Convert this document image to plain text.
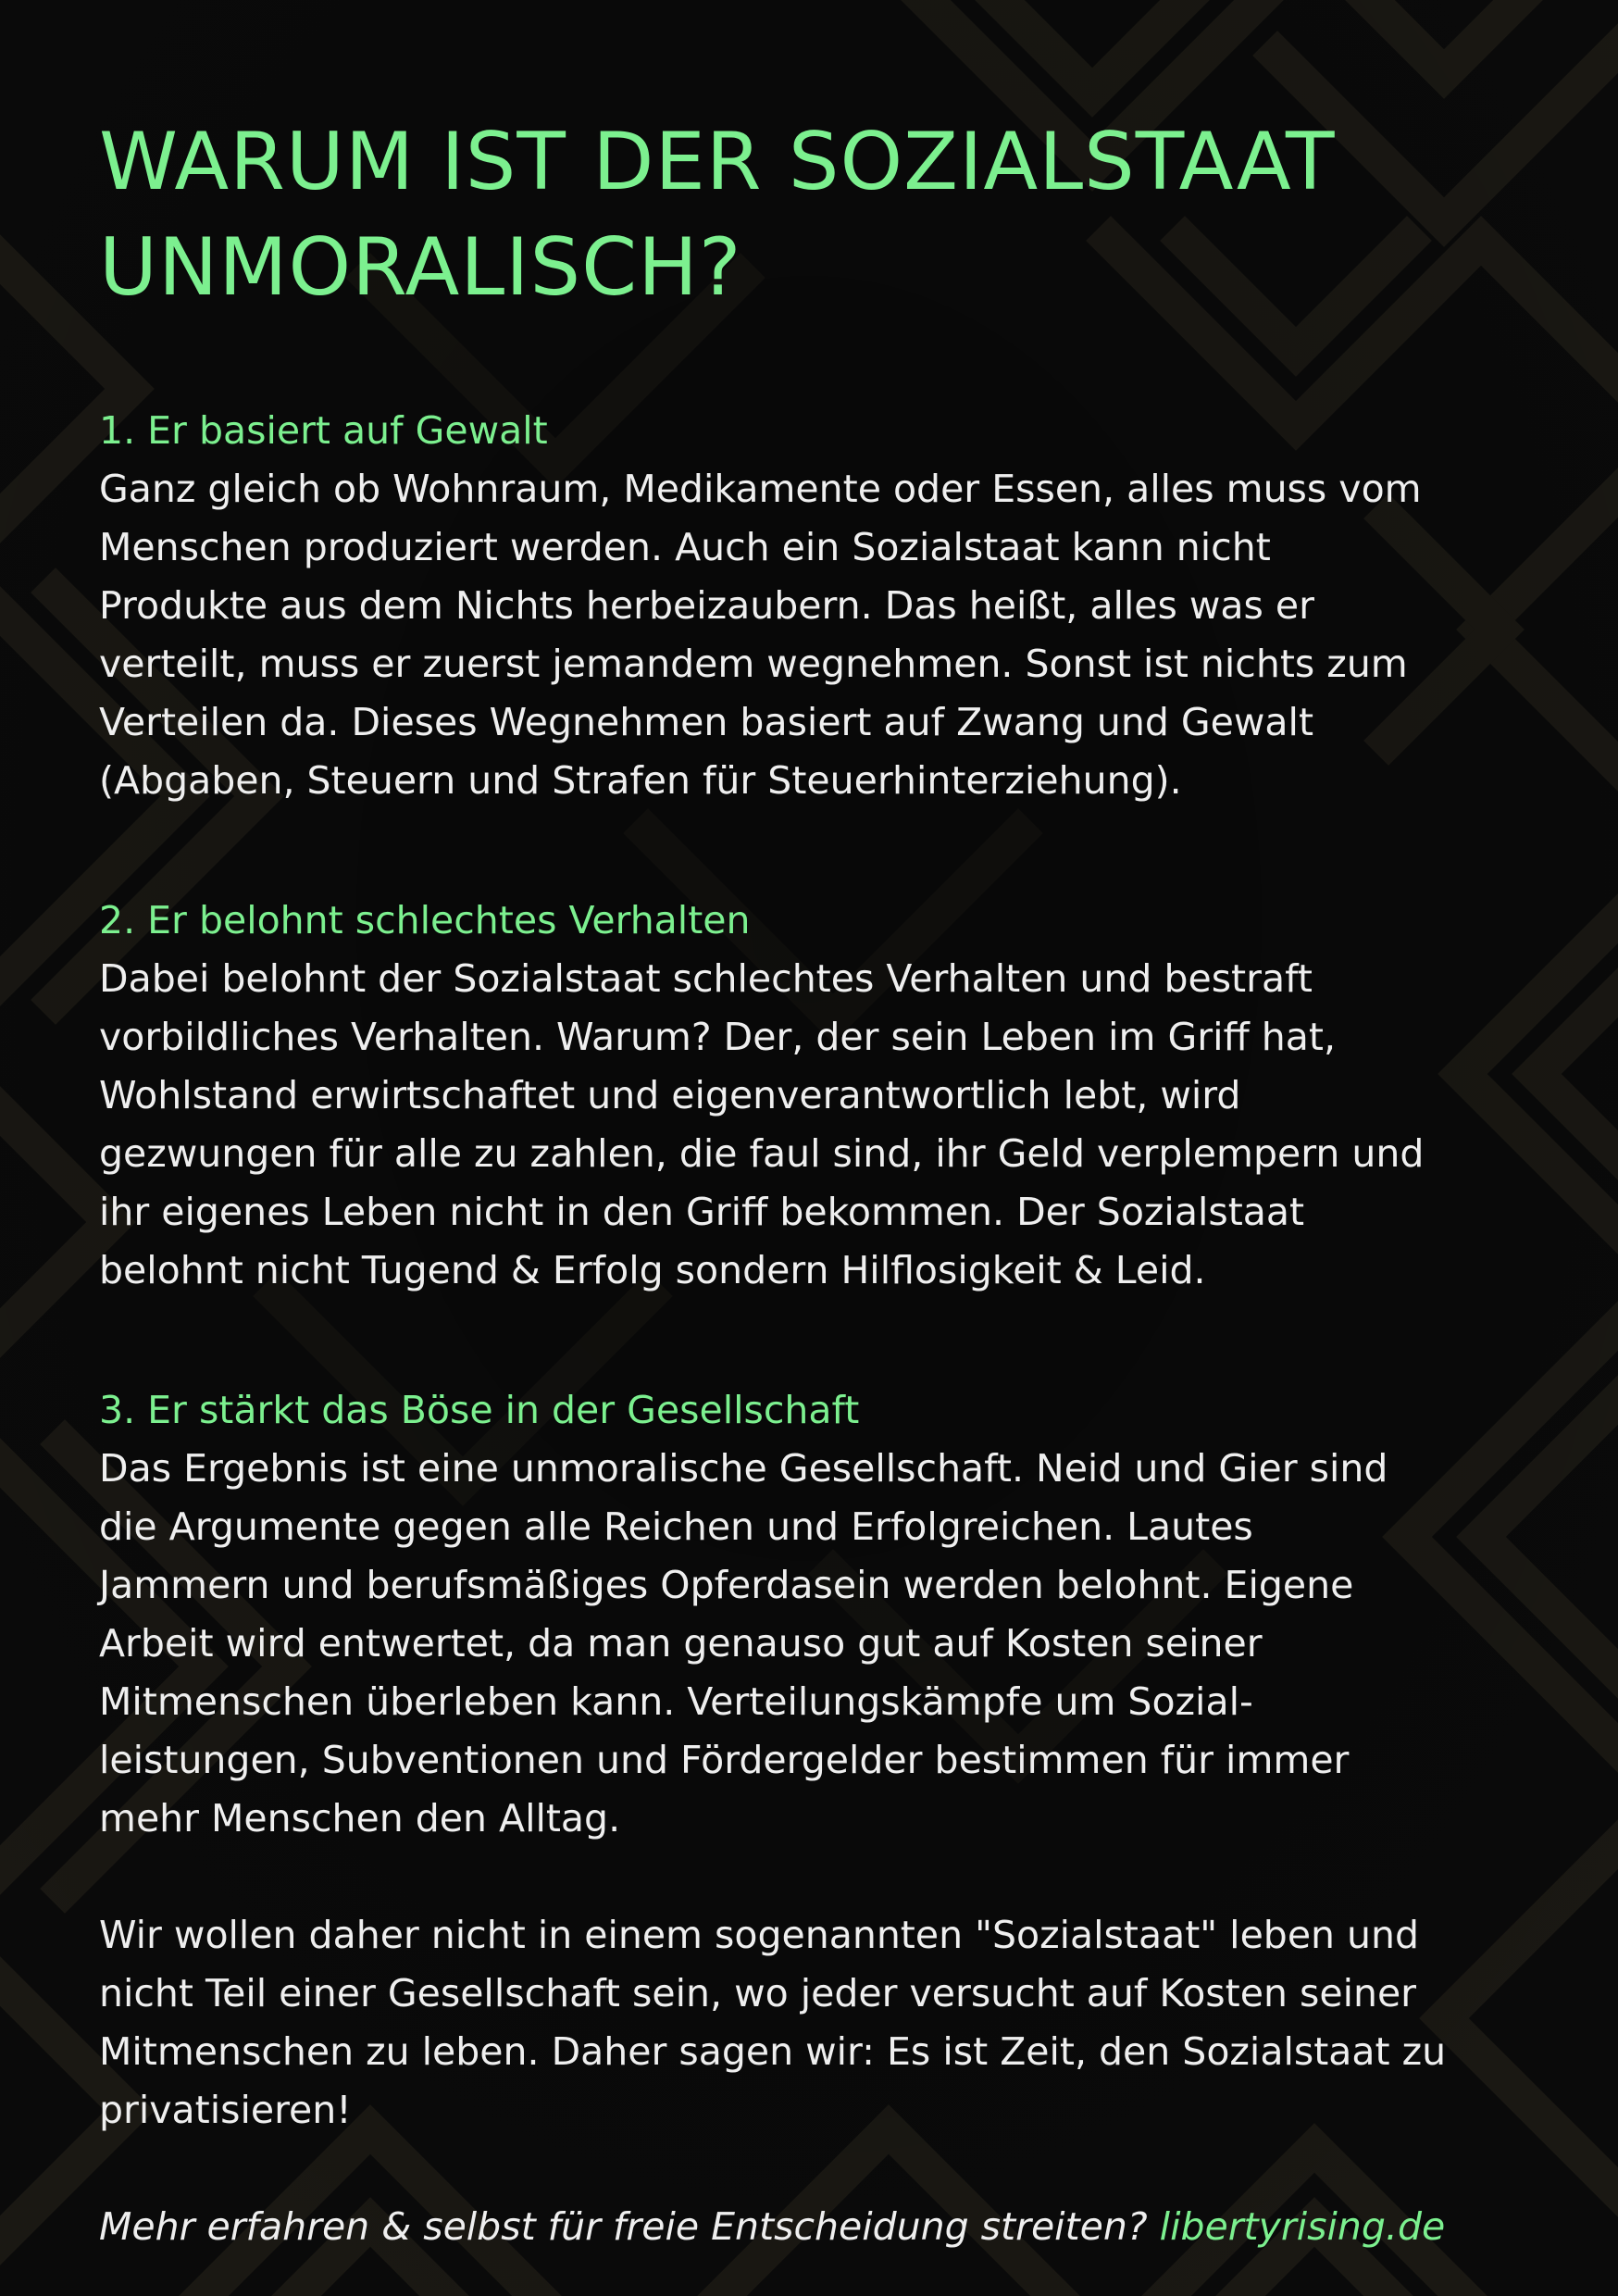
WARUM IST DER SOZIALSTAAT
UNMORALISCH?

1. Er basiert auf Gewalt

Ganz gleich ob Wohnraum, Medikamente oder Essen, alles muss vom
Menschen produziert werden. Auch ein Sozialstaat kann nicht
Produkte aus dem Nichts herbeizaubern. Das heißt, alles was er
verteilt, muss er zuerst jemandem wegnehmen. Sonst ist nichts zum
Verteilen da. Dieses Wegnehmen basiert auf Zwang und Gewalt
(Abgaben, Steuern und Strafen für Steuerhinterziehung).

2. Er belohnt schlechtes Verhalten

Dabei belohnt der Sozialstaat schlechtes Verhalten und bestraft
vorbildliches Verhalten. Warum? Der, der sein Leben im Griff hat,
Wohlstand erwirtschaftet und eigenverantwortlich lebt, wird
gezwungen für alle zu zahlen, die faul sind, ihr Geld verplempern und
ihr eigenes Leben nicht in den Griff bekommen. Der Sozialstaat
belohnt nicht Tugend & Erfolg sondern Hilflosigkeit & Leid.

3. Er stärkt das Böse in der Gesellschaft

Das Ergebnis ist eine unmoralische Gesellschaft. Neid und Gier sind
die Argumente gegen alle Reichen und Erfolgreichen. Lautes
Jammern und berufsmäßiges Opferdasein werden belohnt. Eigene
Arbeit wird entwertet, da man genauso gut auf Kosten seiner
Mitmenschen überleben kann. Verteilungskämpfe um Sozial-
leistungen, Subventionen und Fördergelder bestimmen für immer
mehr Menschen den Alltag.

Wir wollen daher nicht in einem sogenannten "Sozialstaat" leben und
nicht Teil einer Gesellschaft sein, wo jeder versucht auf Kosten seiner
Mitmenschen zu leben. Daher sagen wir: Es ist Zeit, den Sozialstaat zu
privatisieren!

Mehr erfahren & selbst für freie Entscheidung streiten? libertyrising.de
